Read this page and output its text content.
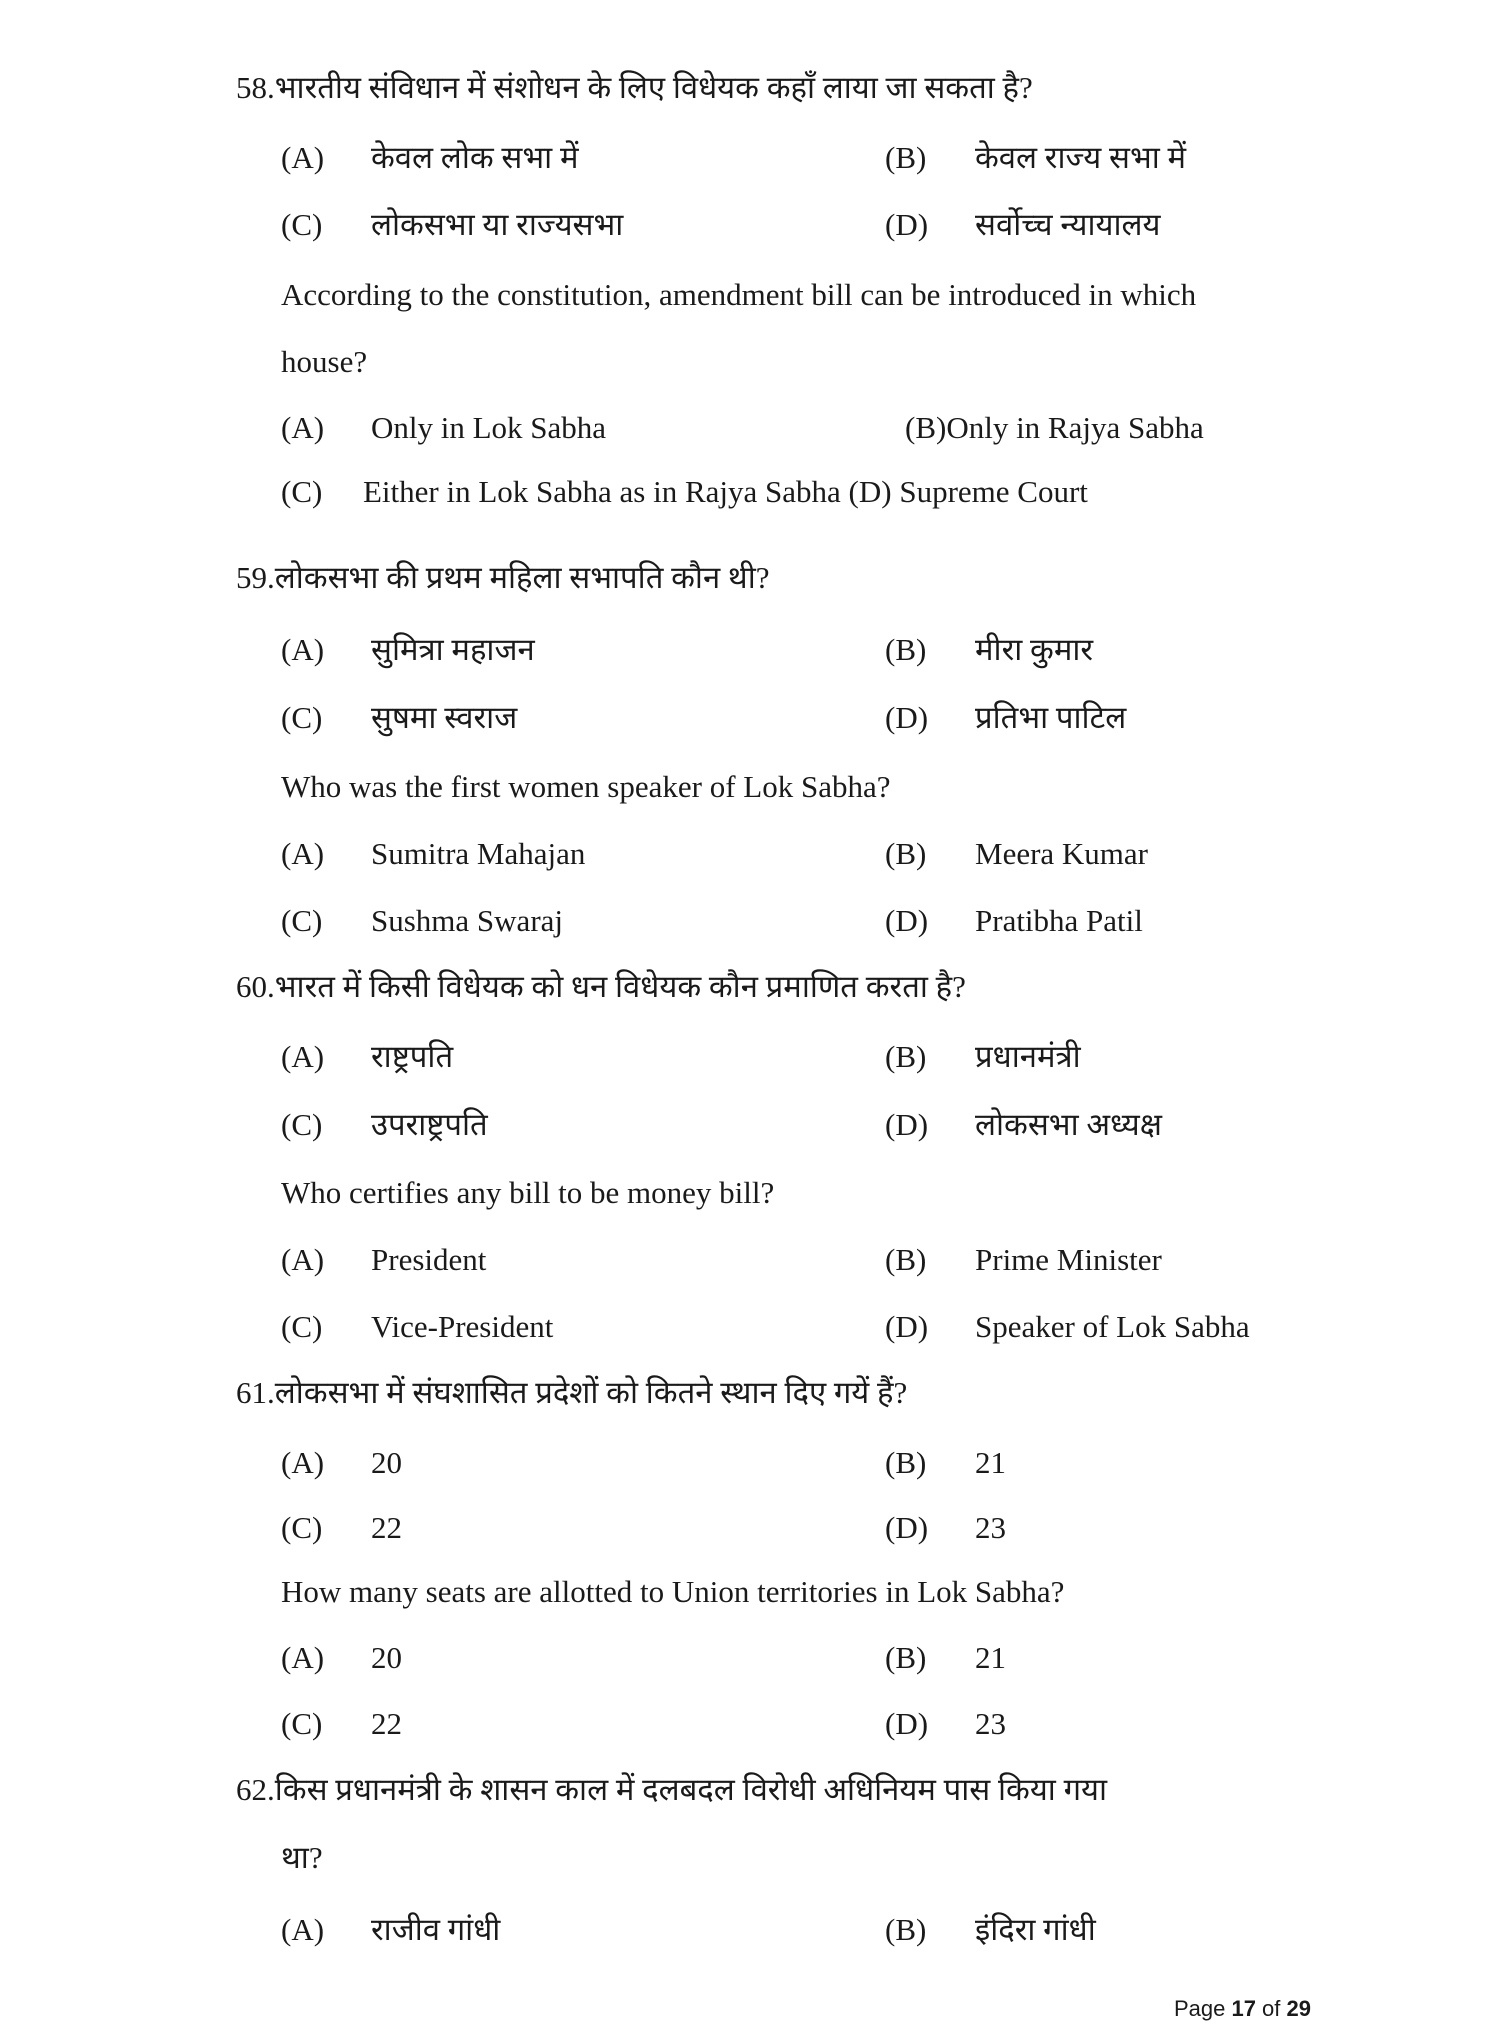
58.भारतीय संविधान में संशोधन के लिए विधेयक कहाँ लाया जा सकता है?
(A) केवल लोक सभा में	(B) केवल राज्य सभा में
(C) लोकसभा या राज्यसभा	(D) सर्वोच्च न्यायालय
According to the constitution, amendment bill can be introduced in which
house?
(A) Only in Lok Sabha	(B)Only in Rajya Sabha
(C) Either in Lok Sabha as in Rajya Sabha (D) Supreme Court
59.लोकसभा की प्रथम महिला सभापति कौन थी?
(A) सुमित्रा महाजन	(B) मीरा कुमार
(C) सुषमा स्वराज	(D) प्रतिभा पाटिल
Who was the first women speaker of Lok Sabha?
(A) Sumitra Mahajan	(B) Meera Kumar
(C) Sushma Swaraj	(D) Pratibha Patil
60.भारत में किसी विधेयक को धन विधेयक कौन प्रमाणित करता है?
(A) राष्ट्रपति	(B) प्रधानमंत्री
(C) उपराष्ट्रपति	(D) लोकसभा अध्यक्ष
Who certifies any bill to be money bill?
(A) President	(B) Prime Minister
(C) Vice-President	(D) Speaker of Lok Sabha
61.लोकसभा में संघशासित प्रदेशों को कितने स्थान दिए गयें हैं?
(A) 20	(B) 21
(C) 22	(D) 23
How many seats are allotted to Union territories in Lok Sabha?
(A) 20	(B) 21
(C) 22	(D) 23
62.किस प्रधानमंत्री के शासन काल में दलबदल विरोधी अधिनियम पास किया गया
था?
(A) राजीव गांधी	(B) इंदिरा गांधी
Page 17 of 29
